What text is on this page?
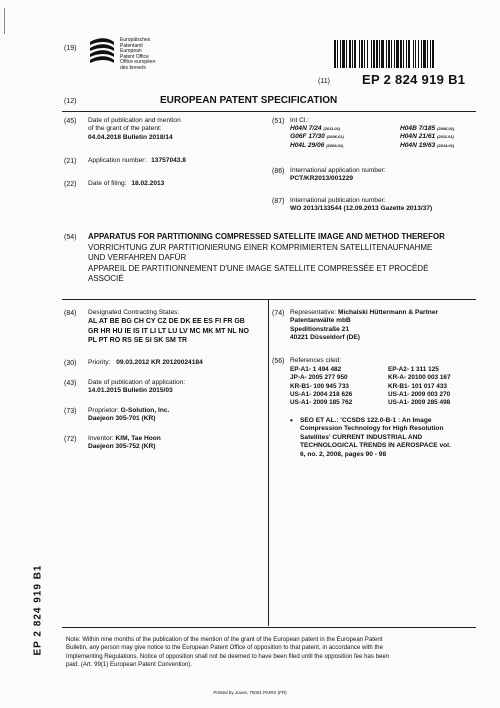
(19)
Europäisches
Patentamt
European
Patent Office
Office européen
des brevets
(11) EP 2 824 919 B1
(12)	EUROPEAN PATENT SPECIFICATION
(45) Date of publication and mention
of the grant of the patent:
04.04.2018 Bulletin 2018/14
(21) Application number: 13757043.8
(22) Date of filing: 18.02.2013
(51) Int Cl.:
H04N 7/24 (2011.01)	H04B 7/185 (2006.01)
G06F 17/30 (2006.01)	H04N 21/61 (2011.01)
H04L 29/06 (2006.01)	H04N 19/63 (2014.01)
(86) International application number:
PCT/KR2013/001229
(87) International publication number:
WO 2013/133544 (12.09.2013 Gazette 2013/37)
(54) APPARATUS FOR PARTITIONING COMPRESSED SATELLITE IMAGE AND METHOD THEREFOR
VORRICHTUNG ZUR PARTITIONIERUNG EINER KOMPRIMIERTEN SATELLITENAUFNAHME
UND VERFAHREN DAFÜR
APPAREIL DE PARTITIONNEMENT D'UNE IMAGE SATELLITE COMPRESSÉE ET PROCÉDÉ
ASSOCIÉ
(84) Designated Contracting States:
AL AT BE BG CH CY CZ DE DK EE ES FI FR GB
GR HR HU IE IS IT LI LT LU LV MC MK MT NL NO
PL PT RO RS SE SI SK SM TR
(30) Priority: 09.03.2012 KR 20120024184
(43) Date of publication of application:
14.01.2015 Bulletin 2015/03
(73) Proprietor: G-Solution, Inc.
Daejeon 305-701 (KR)
(72) Inventor: KIM, Tae Hoon
Daejeon 305-752 (KR)
(74) Representative: Michalski Hüttermann & Partner
Patentanwälte mbB
Speditionstraße 21
40221 Düsseldorf (DE)
(56) References cited:
EP-A1- 1 494 482	EP-A2- 1 311 125
JP-A- 2005 277 950	KR-A- 20100 003 167
KR-B1- 100 945 733	KR-B1- 101 017 433
US-A1- 2004 218 626	US-A1- 2009 003 270
US-A1- 2009 185 762	US-A1- 2009 285 498
• SEO ET AL.: 'CCSDS 122.0-B-1 : An Image
Compression Technology for High Resolution
Satellites' CURRENT INDUSTRIAL AND
TECHNOLOGICAL TRENDS IN AEROSPACE vol.
6, no. 2, 2008, pages 90 - 98
EP 2 824 919 B1	Note: Within nine months of the publication of the mention of the grant of the European patent in the European Patent
Bulletin, any person may give notice to the European Patent Office of opposition to that patent, in accordance with the
Implementing Regulations. Notice of opposition shall not be deemed to have been filed until the opposition fee has been
paid. (Art. 99(1) European Patent Convention).
Printed by Jouve, 75001 PARIS (FR)
